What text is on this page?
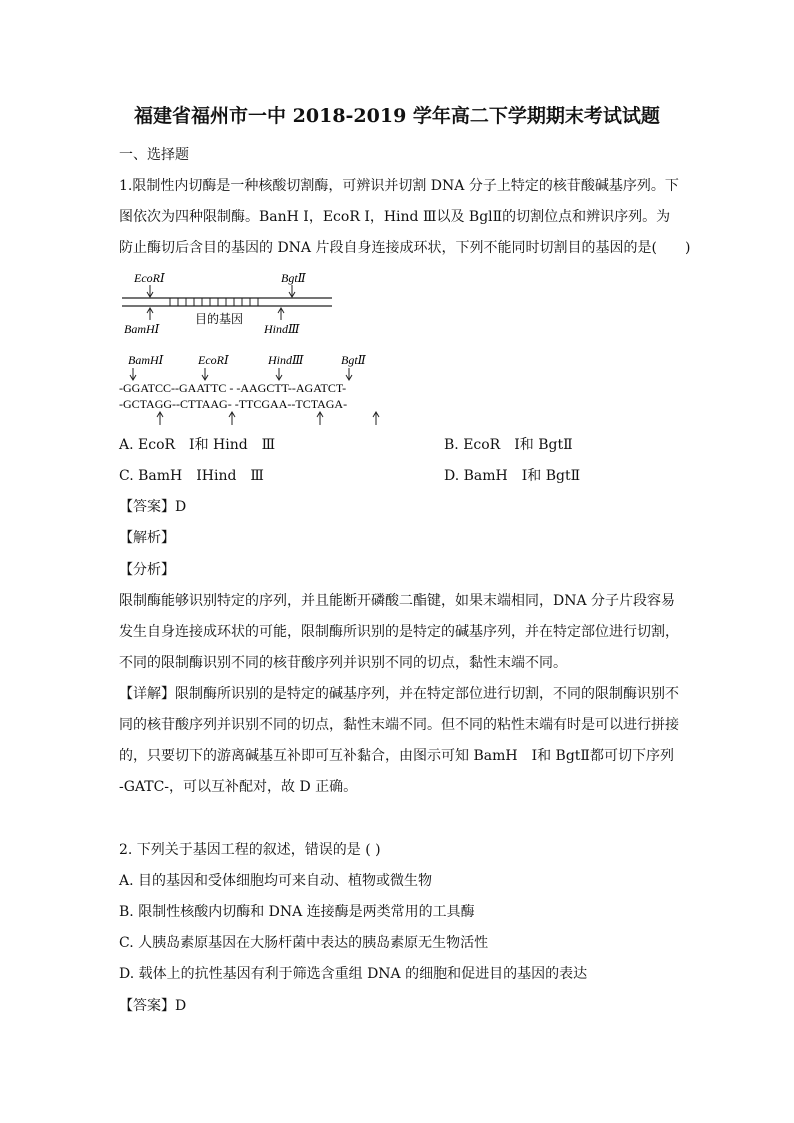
福建省福州市一中 2018-2019 学年高二下学期期末考试试题
一、选择题
1.限制性内切酶是一种核酸切割酶，可辨识并切割 DNA 分子上特定的核苷酸碱基序列。下
图依次为四种限制酶。BanH Ⅰ，EcoR Ⅰ，Hind Ⅲ以及 BglⅡ的切割位点和辨识序列。为
防止酶切后含目的基因的 DNA 片段自身连接成环状，下列不能同时切割目的基因的是(　　)
EcoRⅠ	BgtⅡ
目的基因
BamHⅠ	HindⅢ
BamHⅠ	EcoRⅠ	HindⅢ	BgtⅡ
-GGATCC--GAATTC - -AAGCTT--AGATCT-
-GCTAGG--CTTAAG- -TTCGAA--TCTAGA-
A. EcoR　Ⅰ和 Hind　Ⅲ	B. EcoR　Ⅰ和 BgtⅡ
C. BamH　ⅠHind　Ⅲ	D. BamH　Ⅰ和 BgtⅡ
【答案】D
【解析】
【分析】
限制酶能够识别特定的序列，并且能断开磷酸二酯键，如果末端相同，DNA 分子片段容易
发生自身连接成环状的可能，限制酶所识别的是特定的碱基序列，并在特定部位进行切割，
不同的限制酶识别不同的核苷酸序列并识别不同的切点，黏性末端不同。
【详解】限制酶所识别的是特定的碱基序列，并在特定部位进行切割，不同的限制酶识别不
同的核苷酸序列并识别不同的切点，黏性末端不同。但不同的粘性末端有时是可以进行拼接
的，只要切下的游离碱基互补即可互补黏合，由图示可知 BamH　Ⅰ和 BgtⅡ都可切下序列
-GATC-，可以互补配对，故 D 正确。
2. 下列关于基因工程的叙述，错误的是 ( )
A. 目的基因和受体细胞均可来自动、植物或微生物
B. 限制性核酸内切酶和 DNA 连接酶是两类常用的工具酶
C. 人胰岛素原基因在大肠杆菌中表达的胰岛素原无生物活性
D. 载体上的抗性基因有利于筛选含重组 DNA 的细胞和促进目的基因的表达
【答案】D
